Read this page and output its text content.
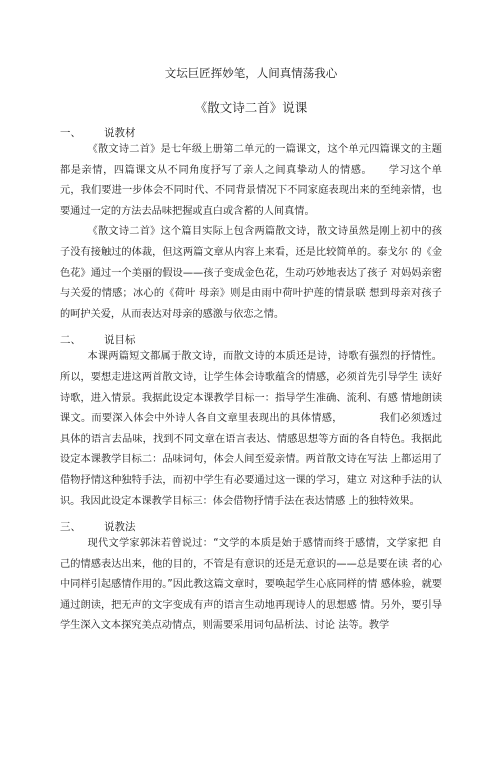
文坛巨匠挥妙笔，人间真情荡我心
《散文诗二首》说课
一、	说教材

《散文诗二首》是七年级上册第二单元的一篇课文，这个单元四篇课文的主题都是亲情，四篇课文从不同角度抒写了亲人之间真挚动人的情感。　　学习这个单元，我们要进一步体会不同时代、不同背景情况下不同家庭表现出来的至纯亲情，也要通过一定的方法去品味把握或直白或含蓄的人间真情。

《散文诗二首》这个篇目实际上包含两篇散文诗，散文诗虽然是刚上初中的孩子没有接触过的体裁，但这两篇文章从内容上来看，还是比较简单的。泰戈尔 的《金色花》通过一个美丽的假设——孩子变成金色花，生动巧妙地表达了孩子 对妈妈亲密与关爱的情感；冰心的《荷叶 母亲》则是由雨中荷叶护莲的情景联 想到母亲对孩子的呵护关爱，从而表达对母亲的感激与依恋之情。

二、	说目标

本课两篇短文都属于散文诗，而散文诗的本质还是诗，诗歌有强烈的抒情性。所以，要想走进这两首散文诗，让学生体会诗歌蕴含的情感，必须首先引导学生 读好诗歌，进入情景。我据此设定本课教学目标一：指导学生准确、流利、有感 情地朗读课文。而要深入体会中外诗人各自文章里表现出的具体情感，　　　　我们必须透过具体的语言去品味，找到不同文章在语言表达、情感思想等方面的各自特色。我据此设定本课教学目标二：品味词句，体会人间至爱亲情。两首散文诗在写法 上都运用了借物抒情这种独特手法，而初中学生有必要通过这一课的学习，建立 对这种手法的认识。我因此设定本课教学目标三：体会借物抒情手法在表达情感 上的独特效果。

三、	说教法

现代文学家郭沫若曾说过：“文学的本质是始于感情而终于感情，文学家把 自己的情感表达出来，他的目的，不管是有意识的还是无意识的——总是要在读 者的心中同样引起感情作用的。”因此教这篇文章时，要唤起学生心底同样的情 感体验，就要通过朗读，把无声的文字变成有声的语言生动地再现诗人的思想感 情。另外，要引导学生深入文本探究美点动情点，则需要采用词句品析法、讨论 法等。教学
